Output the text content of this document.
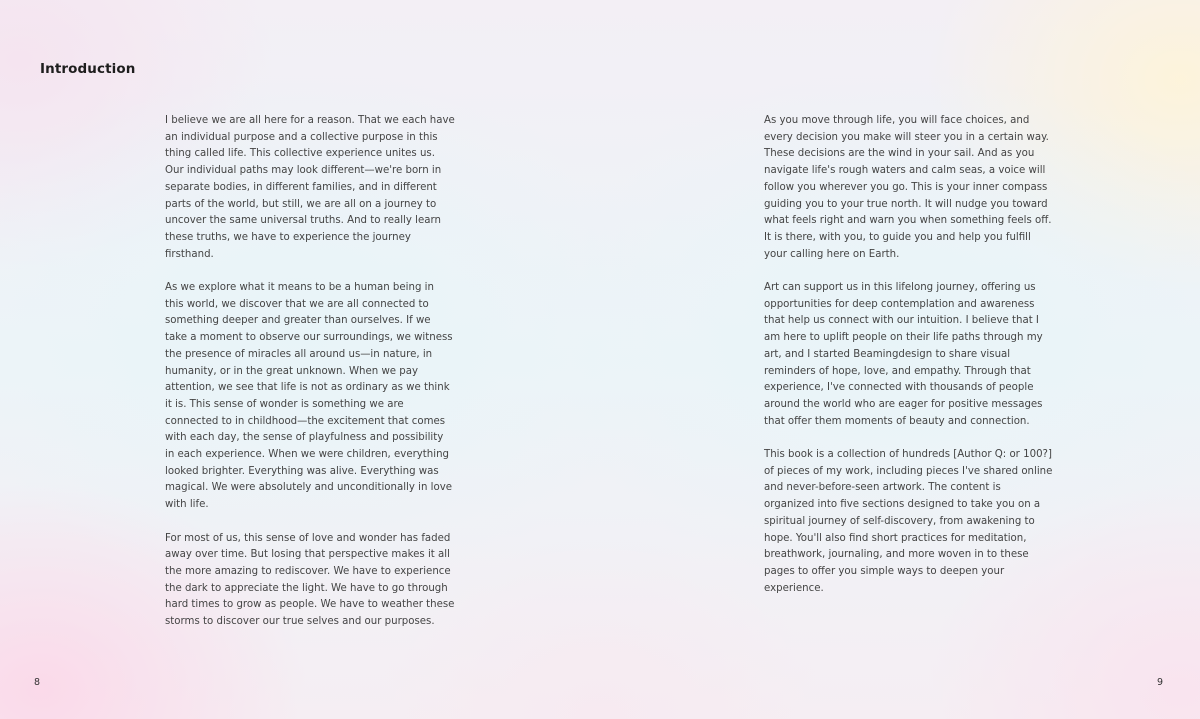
Introduction

I believe we are all here for a reason. That we each have an individual purpose and a collective purpose in this thing called life. This collective experience unites us. Our individual paths may look different—we're born in separate bodies, in different families, and in different parts of the world, but still, we are all on a journey to uncover the same universal truths. And to really learn these truths, we have to experience the journey firsthand.

As we explore what it means to be a human being in this world, we discover that we are all connected to something deeper and greater than ourselves. If we take a moment to observe our surroundings, we witness the presence of miracles all around us—in nature, in humanity, or in the great unknown. When we pay attention, we see that life is not as ordinary as we think it is. This sense of wonder is something we are connected to in childhood—the excitement that comes with each day, the sense of playfulness and possibility in each experience. When we were children, everything looked brighter. Everything was alive. Everything was magical. We were absolutely and unconditionally in love with life.

For most of us, this sense of love and wonder has faded away over time. But losing that perspective makes it all the more amazing to rediscover. We have to experience the dark to appreciate the light. We have to go through hard times to grow as people. We have to weather these storms to discover our true selves and our purposes.

8

As you move through life, you will face choices, and every decision you make will steer you in a certain way. These decisions are the wind in your sail. And as you navigate life's rough waters and calm seas, a voice will follow you wherever you go. This is your inner compass guiding you to your true north. It will nudge you toward what feels right and warn you when something feels off. It is there, with you, to guide you and help you fulfill your calling here on Earth.

Art can support us in this lifelong journey, offering us opportunities for deep contemplation and awareness that help us connect with our intuition. I believe that I am here to uplift people on their life paths through my art, and I started Beamingdesign to share visual reminders of hope, love, and empathy. Through that experience, I've connected with thousands of people around the world who are eager for positive messages that offer them moments of beauty and connection.

This book is a collection of hundreds [Author Q: or 100?] of pieces of my work, including pieces I've shared online and never-before-seen artwork. The content is organized into five sections designed to take you on a spiritual journey of self-discovery, from awakening to hope. You'll also find short practices for meditation, breathwork, journaling, and more woven in to these pages to offer you simple ways to deepen your experience.

9
